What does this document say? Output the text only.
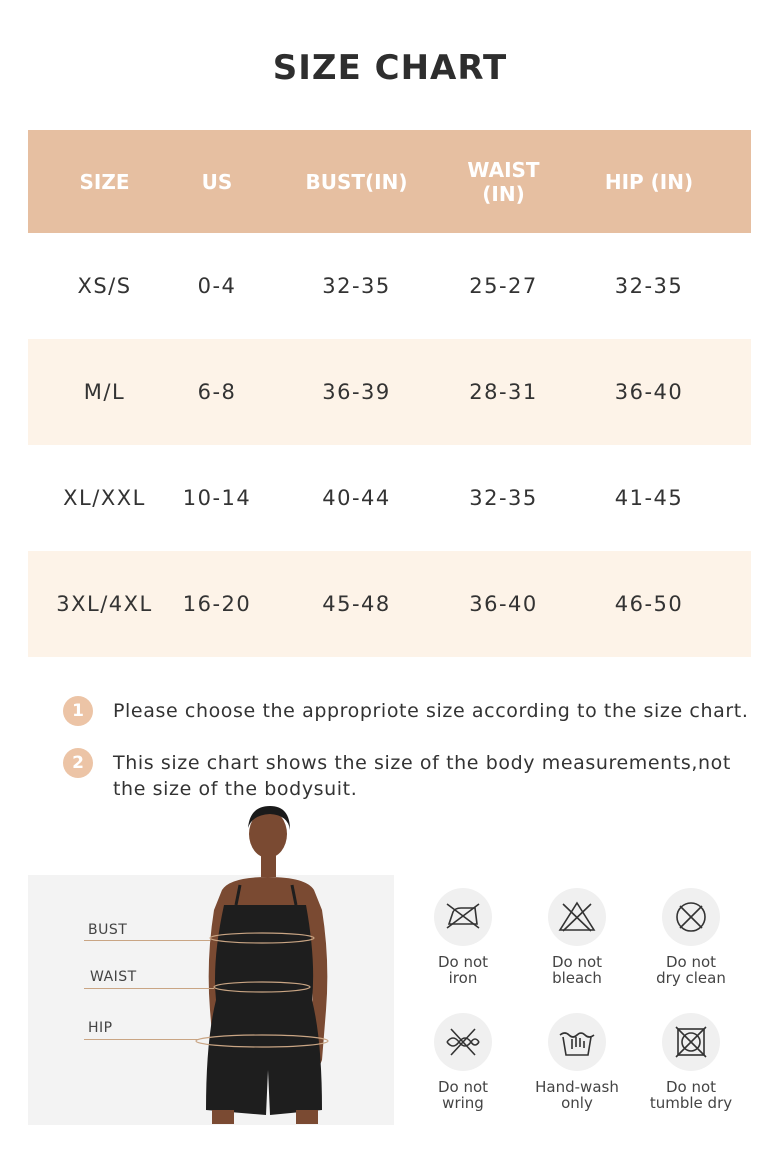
SIZE CHART
SIZE	US	BUST(IN)	WAIST (IN)	HIP (IN)
XS/S	0-4	32-35	25-27	32-35
M/L	6-8	36-39	28-31	36-40
XL/XXL	10-14	40-44	32-35	41-45
3XL/4XL	16-20	45-48	36-40	46-50
1	Please choose the appropriote size according to the size chart.
2	This size chart shows the size of the body measurements,not the size of the bodysuit.
BUST
WAIST
HIP
Do not
iron
Do not
bleach
Do not
dry clean
Do not
wring
Hand-wash
only
Do not
tumble dry
